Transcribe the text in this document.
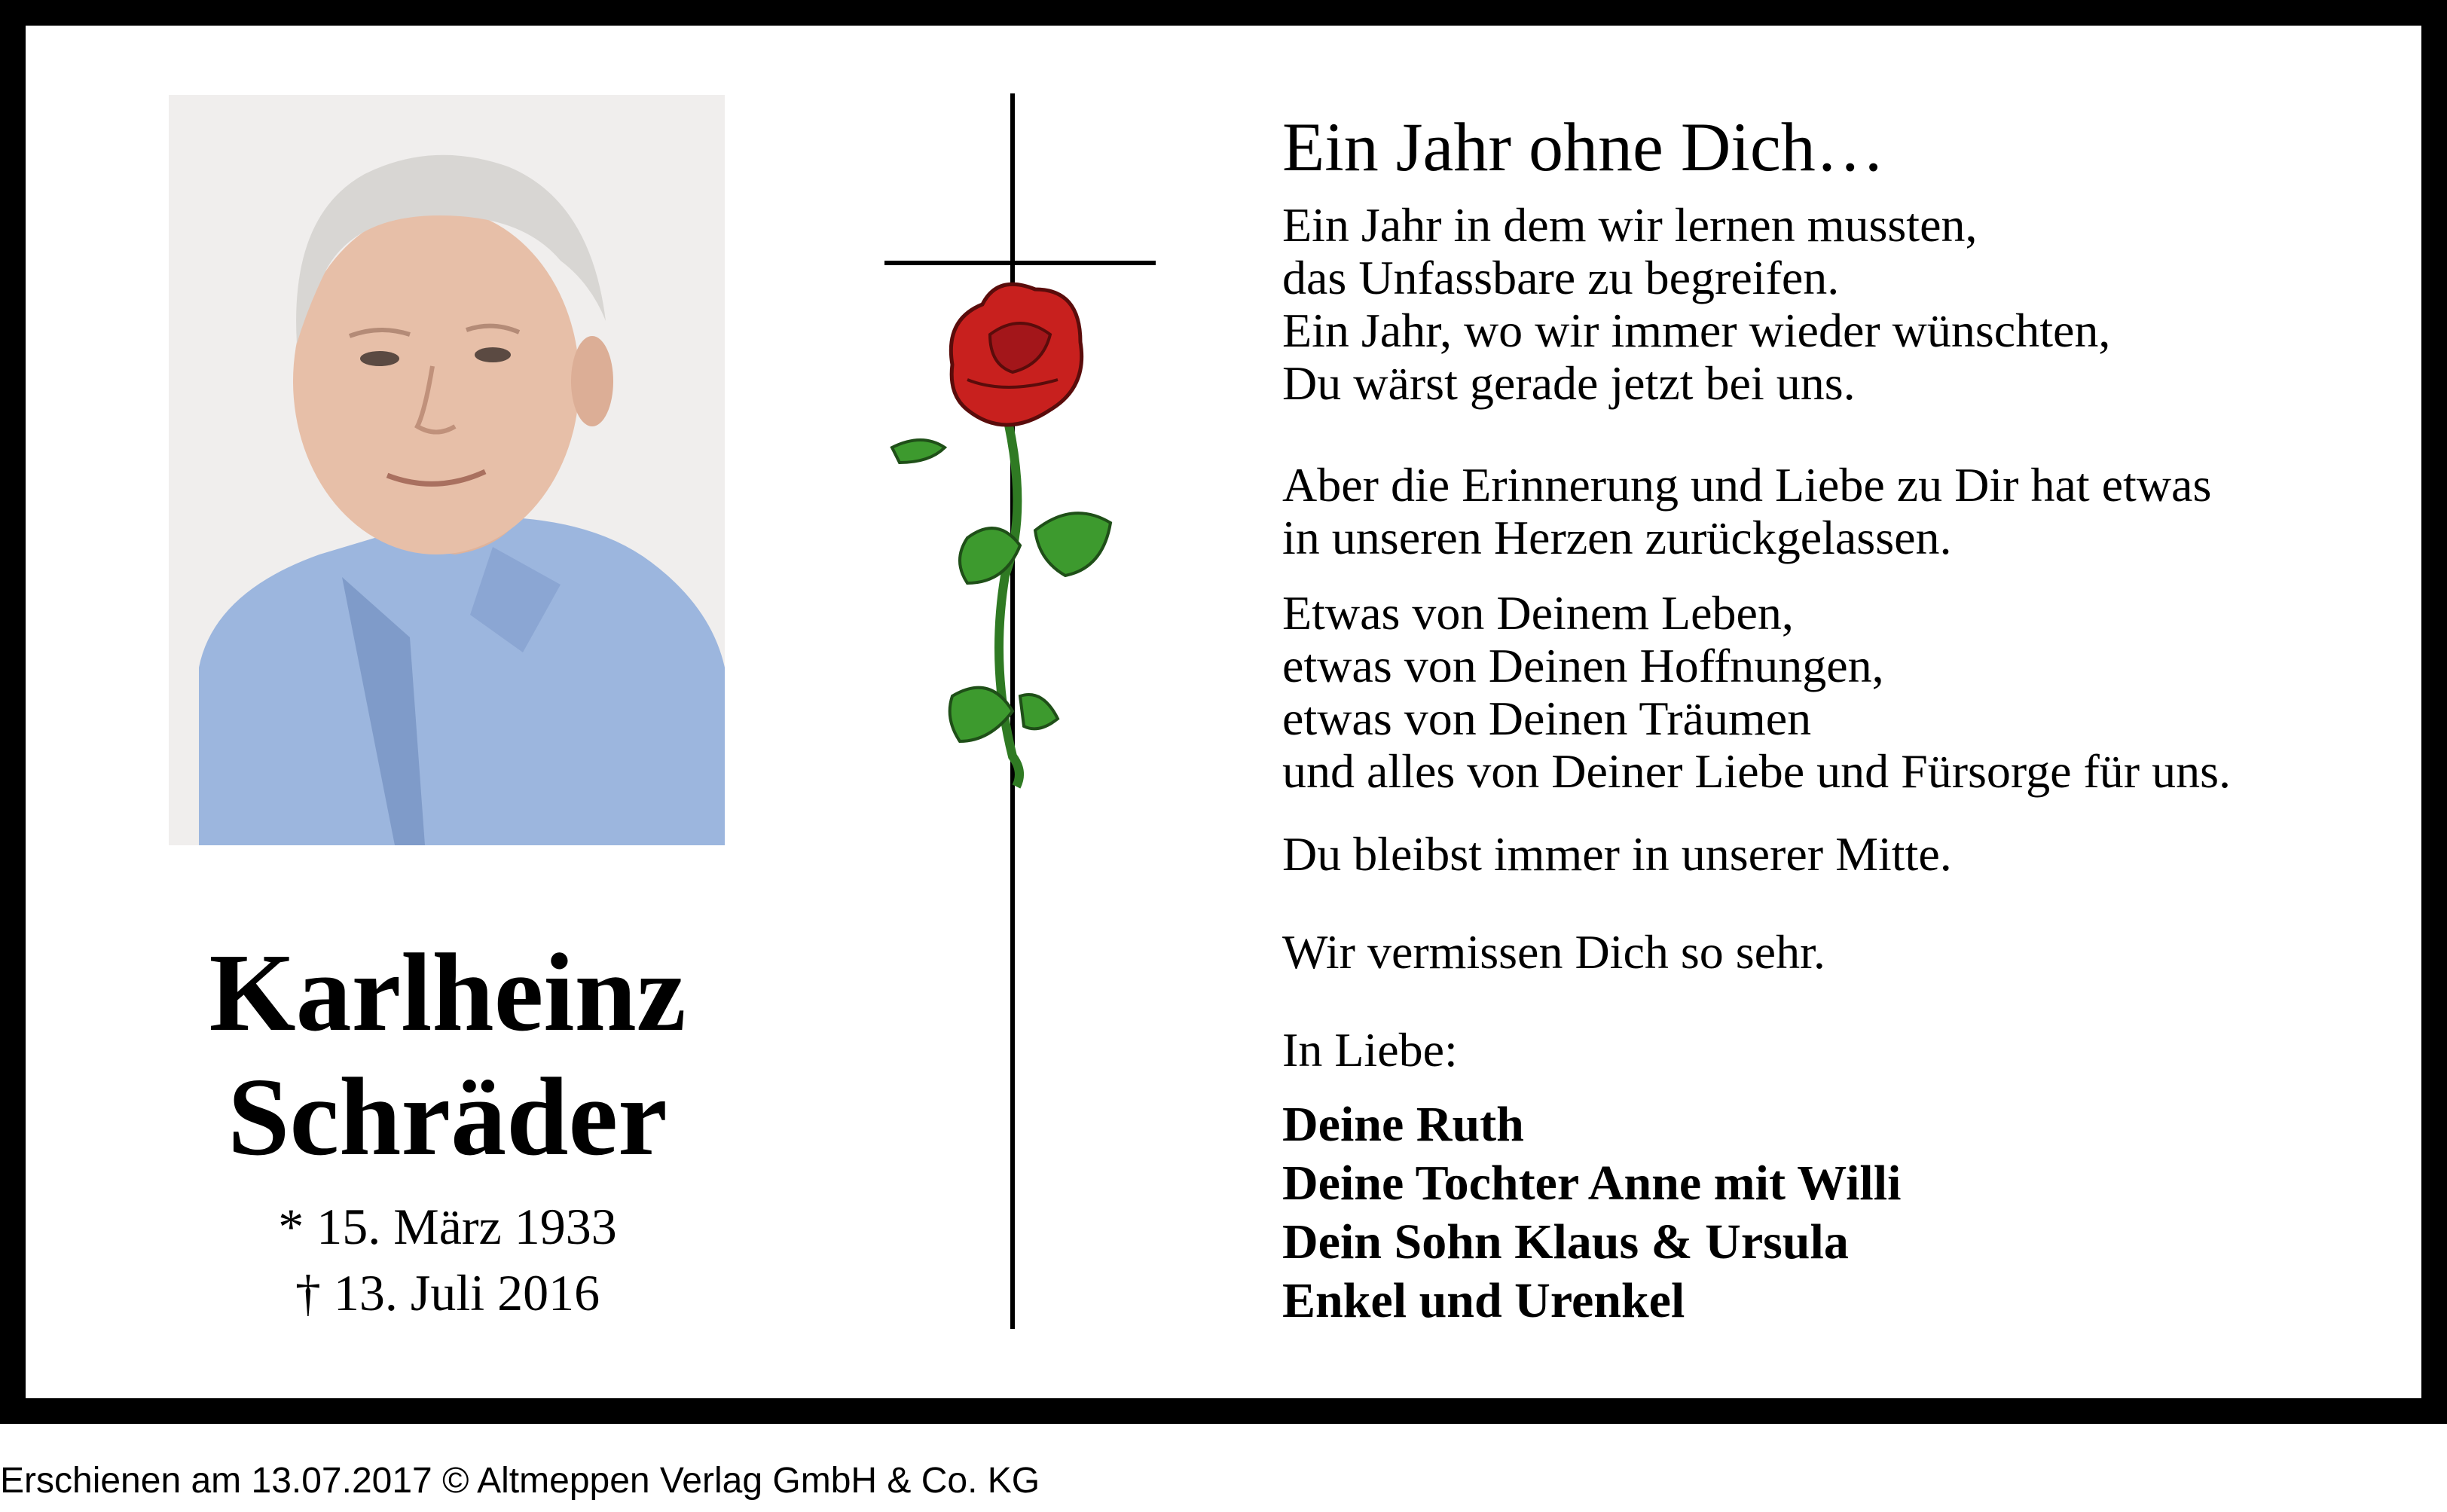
Karlheinz
Schräder
* 15. März 1933
† 13. Juli 2016
Ein Jahr ohne Dich…
Ein Jahr in dem wir lernen mussten,
das Unfassbare zu begreifen.
Ein Jahr, wo wir immer wieder wünschten,
Du wärst gerade jetzt bei uns.
Aber die Erinnerung und Liebe zu Dir hat etwas
in unseren Herzen zurückgelassen.
Etwas von Deinem Leben,
etwas von Deinen Hoffnungen,
etwas von Deinen Träumen
und alles von Deiner Liebe und Fürsorge für uns.
Du bleibst immer in unserer Mitte.
Wir vermissen Dich so sehr.
In Liebe:
Deine Ruth
Deine Tochter Anne mit Willi
Dein Sohn Klaus & Ursula
Enkel und Urenkel
Erschienen am 13.07.2017 © Altmeppen Verlag GmbH & Co. KG
